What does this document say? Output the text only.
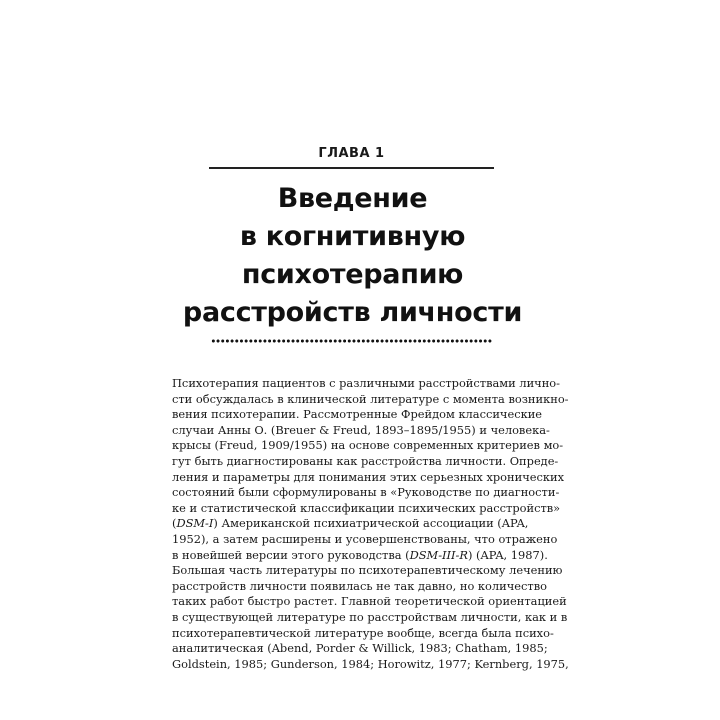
ГЛАВА 1
Введение
в когнитивную
психотерапию
расстройств личности
Психотерапия пациентов с различными расстройствами лично-
сти обсуждалась в клинической литературе с момента возникно-
вения психотерапии. Рассмотренные Фрейдом классические
случаи Анны О. (Breuer & Freud, 1893–1895/1955) и человека-
крысы (Freud, 1909/1955) на основе современных критериев мо-
гут быть диагностированы как расстройства личности. Опреде-
ления и параметры для понимания этих серьезных хронических
состояний были сформулированы в «Руководстве по диагности-
ке и статистической классификации психических расстройств»
(DSM-I) Американской психиатрической ассоциации (APA,
1952), а затем расширены и усовершенствованы, что отражено
в новейшей версии этого руководства (DSM-III-R) (APA, 1987).
Большая часть литературы по психотерапевтическому лечению
расстройств личности появилась не так давно, но количество
таких работ быстро растет. Главной теоретической ориентацией
в существующей литературе по расстройствам личности, как и в
психотерапевтической литературе вообще, всегда была психо-
аналитическая (Abend, Porder & Willick, 1983; Chatham, 1985;
Goldstein, 1985; Gunderson, 1984; Horowitz, 1977; Kernberg, 1975,
